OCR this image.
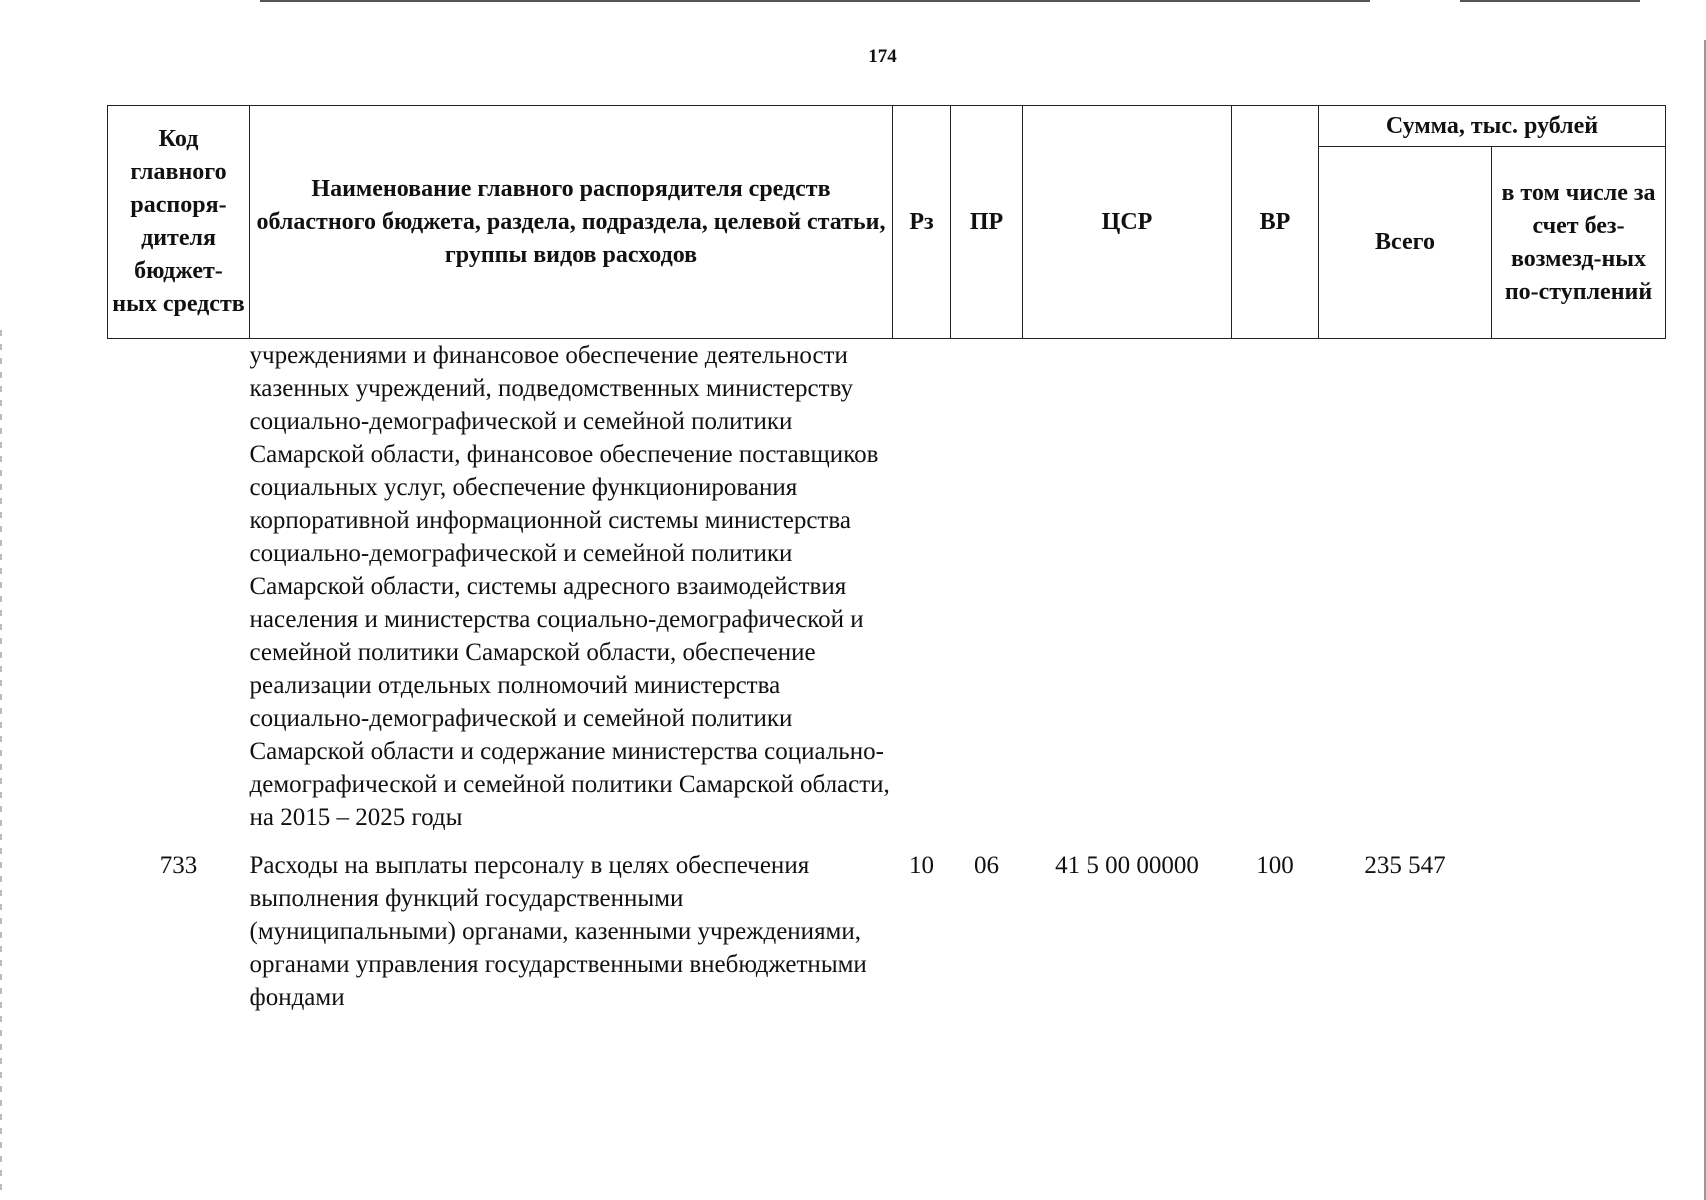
174
Код главного распоря-дителя бюджет-ных средств	Наименование главного распорядителя средств областного бюджета, раздела, подраздела, целевой статьи, группы видов расходов	Рз	ПР	ЦСР	ВР	Сумма, тыс. рублей	
						Всего	в том числе за счет без-возмезд-ных по-ступлений
	учреждениями и финансовое обеспечение деятельности казенных учреждений, подведомственных министерству социально-демографической и семейной политики Самарской области, финансовое обеспечение поставщиков социальных услуг, обеспечение функционирования корпоративной информационной системы министерства социально-демографической и семейной политики Самарской области, системы адресного взаимодействия населения и министерства социально-демографической и семейной политики Самарской области, обеспечение реализации отдельных полномочий министерства социально-демографической и семейной политики Самарской области и содержание министерства социально-демографической и семейной политики Самарской области, на 2015 – 2025 годы						
733	Расходы на выплаты персоналу в целях обеспечения выполнения функций государственными (муниципальными) органами, казенными учреждениями, органами управления государственными внебюджетными фондами	10	06	41 5 00 00000	100	235 547	
